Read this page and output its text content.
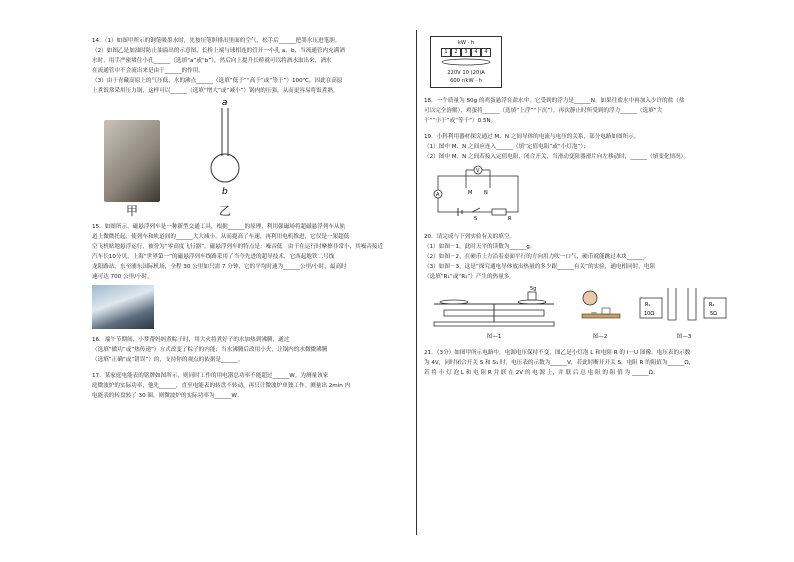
14．（1）如图甲所示的钢笔吸墨水时，先按压笔胆排出里面的空气，松手后______把墨水压进笔胆。

（2）如图乙是加油时防止油溢出的示意图，长桥上端与球相连的管开一小孔 a、b，当流通管内充满酒

水时，用手严密堵住小孔______（选填“a”或“b”），然后向上提升长桥就可以将酒水取出来，酒水

在流通管中不会流出来是由于______的作用。

（3）由于青藏高原上的气压低，水的沸点______（选填“低于”“高于”或“等于”）100℃，因此在高原

上煮饭常采用压力锅，这样可以______（选填“增大”或“减小”）锅内的压强，从而更容易将饭煮熟。

甲
a
b
乙

15．如图所示，磁悬浮列车是一种新型交通工具，根据______的原理，利用强磁场将超磁悬浮列车从轨

道上微微托起，使列车和轨道间的______大大减小，从而提高了车速，再利用电机推进，它仅是一架超低

空飞机贴地悬浮运行，被誉为“零高度飞行器”。磁悬浮列车的特点是：噪音低　由于在运行时摩擦非常小，其噪音接近

汽车长10分贝，上海“世界第一”的磁悬浮列车线路采用了当今先进的超导技术，它西起地铁二号线

龙阳路站，东至浦东国际机场，全程 30 公里如只需 7 分钟，它的平均时速为______公里/小时，最高时

速可达 700 公里/小时。

16．端午节期间，小梦帮妈妈煮粽子时，用大火将煮好子的水加热到沸腾，通过

（选填“做功”或“热传递”）方式改变了粽子的内能；当水沸腾后改用小火，让锅内的水微微沸腾

（选填“正确”或“错误”）的，支持你的观点的依据是______。

17．某家庭电能表的铭牌如图所示，则同时工作的用电器总功率不能超过______W。为测量该家

庭微波炉的实际功率，他先______，直至电能表的转盘不转动，再只让微波炉单独工作。测量出 2min 内

电能表的转盘转了 30 圈，则微波炉的实际功率为______W。

kW · h
1	2	3	4	4
220V 10 (20)A
600 r/kW · h

18．一个质量为 50g 的鸡蛋悬浮在盐水中，它受到的浮力是______N，如果往盐水中再加入少许的盐（盐

可以完全溶解），鸡蛋将______（选填“上浮”“下沉”），再次静止时所受到的浮力______（选填“大

于”“小于”或“等于”）0.5N。

19．小科利用器材探究通过 M、N 之间导体的电流与电压的关系，部分电路如图所示。

（1）图中 M、N 之间应连入______（填“定值电阻”或“小灯泡”）；

（2）图中 M、N 之间若接入定值电阻，闭合开关，当滑动变阻器滑片向左移动时，______（填变化情况）。

V
M N
A
S	R

20．请完成与下列实验有关的填空。

（1）如图－1，此时天平的读数为______g。

（2）如图－2，在硬币上方沿着桌面平行的方向用力吹一口气，硬币就能跳过木块______。

（3）如图－3，这是“探究通电导体放出热量的多少跟______有关”的实验，通电相同时，电阻

（选填“R₁”或“R₂”）产生的热量多。

5g
图—1	图—2
R₁
10Ω
R₂
5Ω
图—3

21．（3分）如图甲所示电路中，电源电压保持不变，图乙是小灯泡 L 和电阻 R 的 I－U 图像，电压表的示数

为 4V，同时闭合开关 S 和 S₁ 时，电压表的示数为______V，若此时断开开关 S，电阻 R 的阻值为______Ω，

若 将 小 灯 泡 L 和 电 阻 R 并 联 在 2V 的 电 源 上，并 联 后 总 电 阻 的 阻 值 为 ______Ω。
